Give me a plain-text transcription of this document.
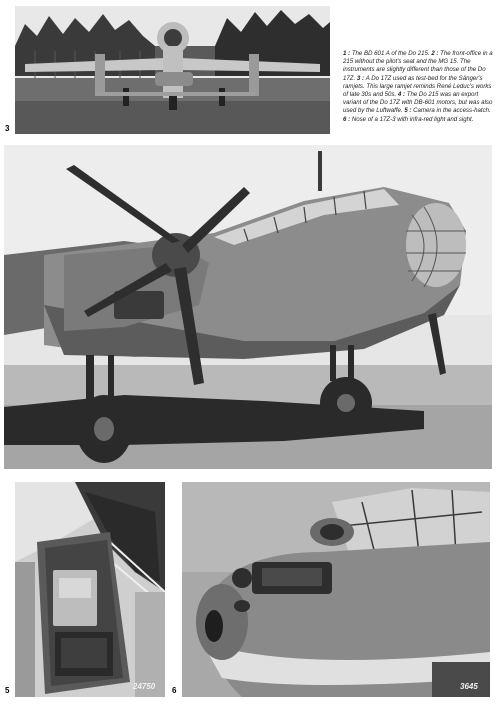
3
1 : The BD 601 A of the Do 215. 2 : The front-office in a 215 without the pilot's seat and the MG 15. The instruments are slightly different than those of the Do 17Z. 3 : A Do 17Z used as test-bed for the Sänger's ramjets. This large ramjet reminds René Leduc's works of late 30s and 50s. 4 : The Do 215 was an export variant of the Do 17Z with DB-601 motors, but was also used by the Luftwaffe. 5 : Camera in the access-hatch. 6 : Nose of a 17Z-3 with infra-red light and sight.
24750
5	3645
6
